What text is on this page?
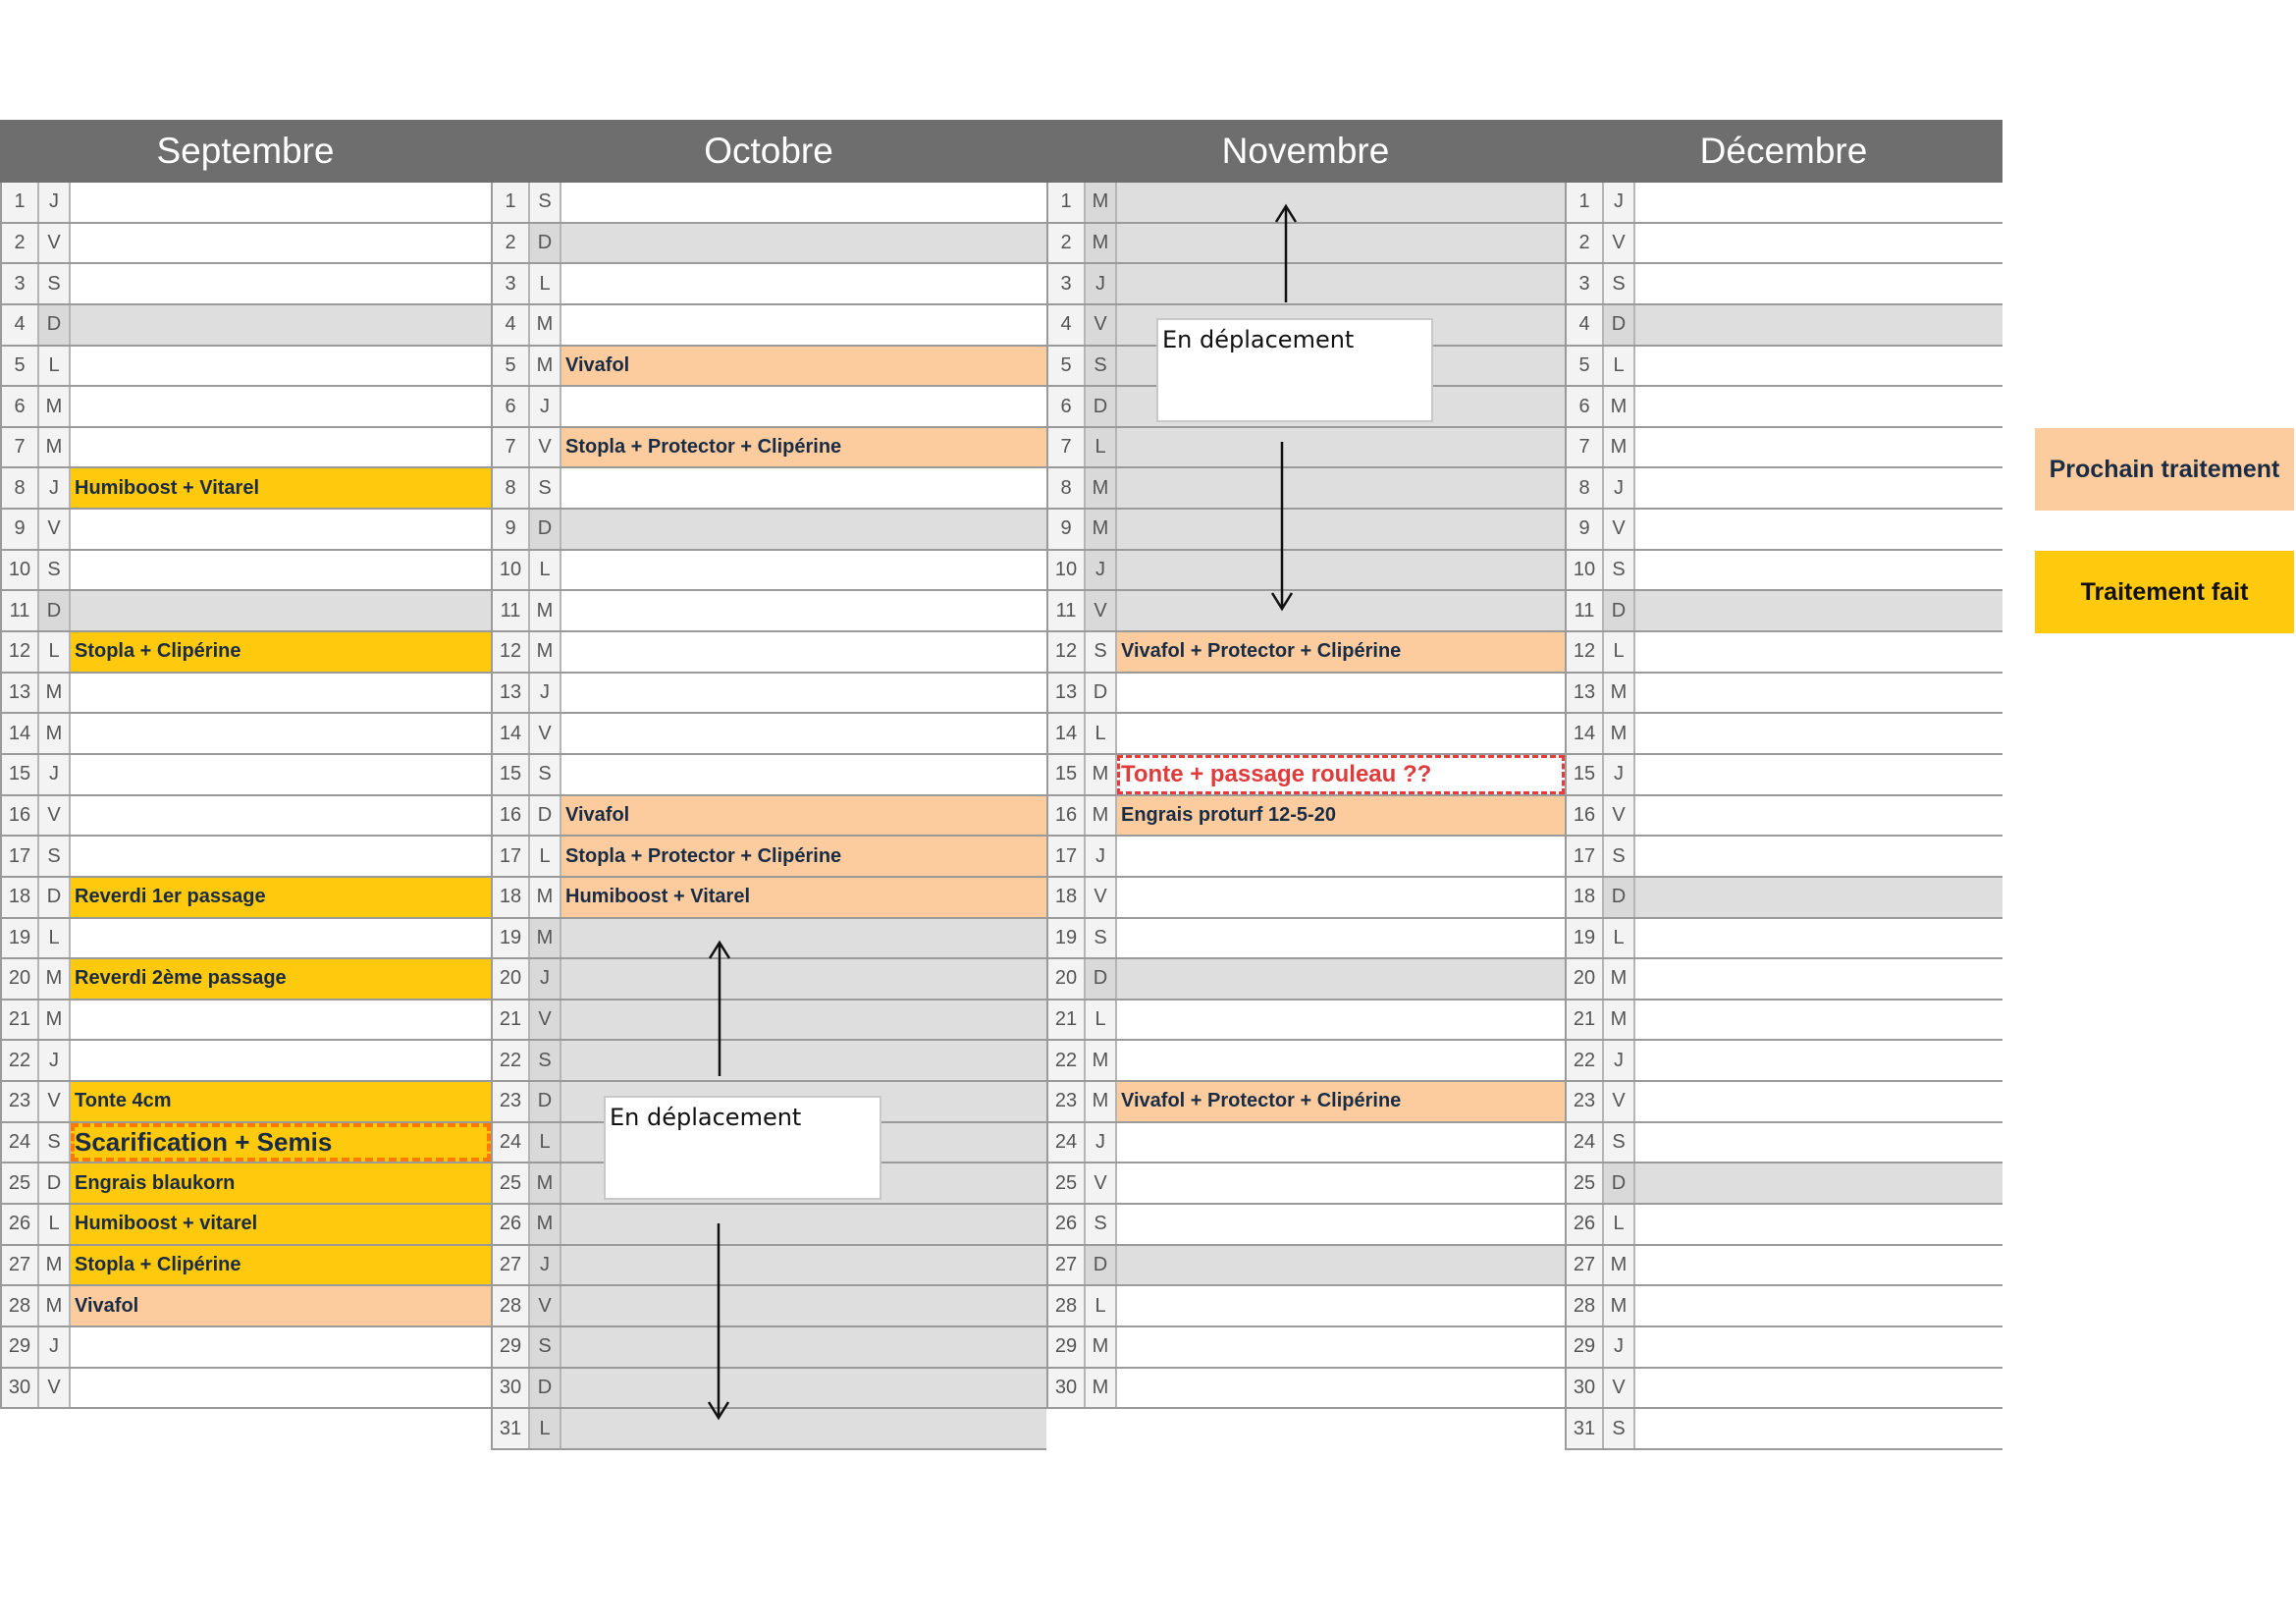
Septembre
1	J
2	V
3	S
4	D
5	L
6	M
7	M
8	J Humiboost + Vitarel
9	V
10 S
11 D
12 L Stopla + Clipérine
13 M
14 M
15 J
16 V
17 S
18 D Reverdi 1er passage
19 L
20 M Reverdi 2ème passage
21 M
22 J
23 V Tonte 4cm
24 S Scarification + Semis
25 D Engrais blaukorn
26 L Humiboost + vitarel
27 M Stopla + Clipérine
28 M Vivafol
29 J
30 V
Octobre
1	S
2	D
3	L
4	M
5	M Vivafol
6	J
7	V Stopla + Protector + Clipérine
8	S
9	D
10 L
11 M
12 M
13 J
14 V
15 S
16 D Vivafol
17 L Stopla + Protector + Clipérine
18 M Humiboost + Vitarel
19 M
20 J
21 V
22 S
23 D
24 L
25 M
26 M
27 J
28 V
29 S
30 D
31 L
Novembre
1	M
2	M
3	J
4	V
5	S
6	D
7	L
8	M
9	M
10 J
11 V
12 S Vivafol + Protector + Clipérine
13 D
14 L
15 M Tonte + passage rouleau ??
16 M Engrais proturf 12-5-20
17 J
18 V
19 S
20 D
21 L
22 M
23 M Vivafol + Protector + Clipérine
24 J
25 V
26 S
27 D
28 L
29 M
30 M
Décembre
1	J
2	V
3	S
4	D
5	L
6	M
7	M
8	J
9	V
10 S
11 D
12 L
13 M
14 M
15 J
16 V
17 S
18 D
19 L
20 M
21 M
22 J
23 V
24 S
25 D
26 L
27 M
28 M
29 J
30 V
31 S
En déplacement
En déplacement
Prochain traitement
Traitement fait
